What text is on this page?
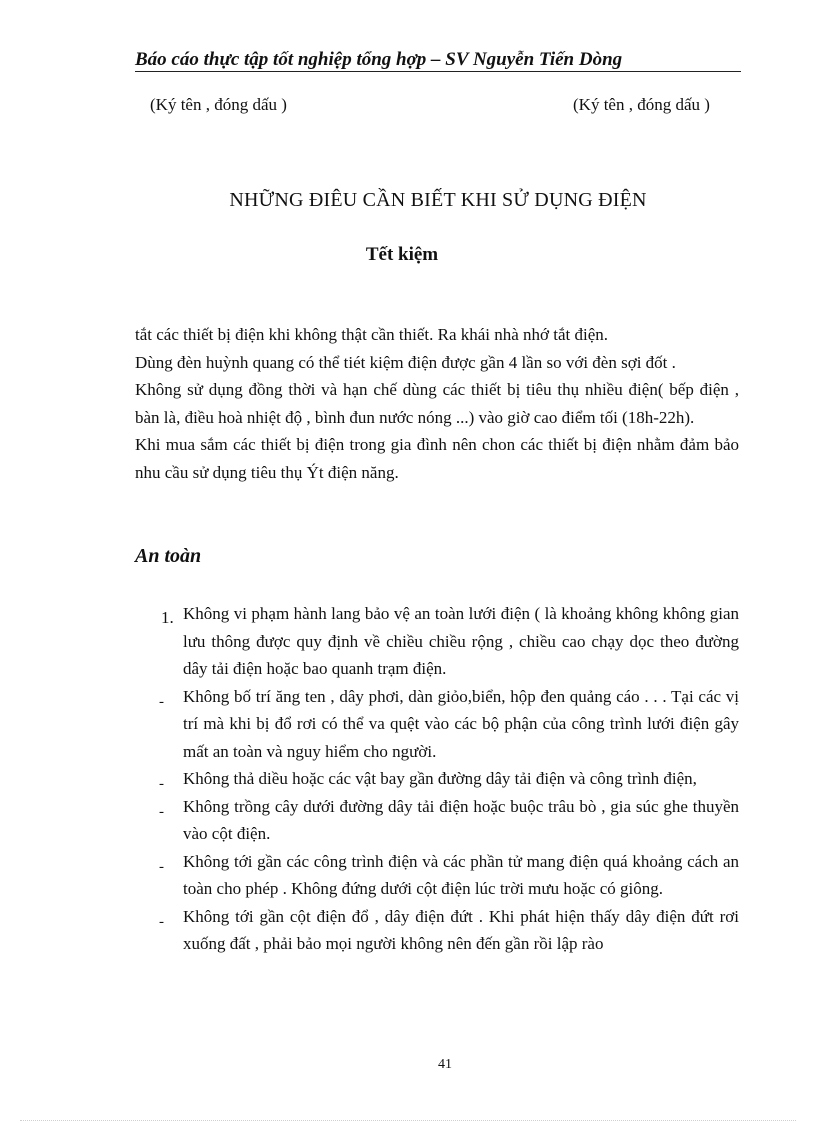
Báo cáo thực tập tốt nghiệp tổng hợp – SV Nguyễn Tiến Dòng
(Ký tên , đóng dấu )	(Ký tên , đóng dấu )
NHỮNG ĐIÊU CẦN BIẾT KHI SỬ DỤNG ĐIỆN
Tết kiệm

tắt các thiết bị điện khi không thật cần thiết. Ra khái nhà nhớ tắt điện.

Dùng đèn huỳnh quang có thể tiét kiệm điện được gần 4 lần so với đèn sợi đốt .

Không sử dụng đồng thời và hạn chế dùng các thiết bị tiêu thụ nhiều điện( bếp điện , bàn là, điều hoà nhiệt độ , bình đun nước nóng ...) vào giờ cao điểm tối (18h-22h).

Khi mua sắm các thiết bị điện trong gia đình nên chon các thiết bị điện nhằm đảm bảo nhu cầu sử dụng tiêu thụ Ýt điện năng.

An toàn
1. Không vi phạm hành lang bảo vệ an toàn lưới điện ( là khoảng không không gian lưu thông được quy định về chiều chiều rộng , chiều cao chạy dọc theo đường dây tải điện hoặc bao quanh trạm điện.
- Không bố trí ăng ten , dây phơi, dàn giỏo,biển, hộp đen quảng cáo . . . Tại các vị trí mà khi bị đổ rơi có thể va quệt vào các bộ phận của công trình lưới điện gây mất an toàn và nguy hiểm cho người.
- Không thả diều hoặc các vật bay gần đường dây tải điện và công trình điện,
- Không trồng cây dưới đường dây tải điện hoặc buộc trâu bò , gia súc ghe thuyền vào cột điện.
- Không tới gần các công trình điện và các phần tử mang điện quá khoảng cách an toàn cho phép . Không đứng dưới cột điện lúc trời mưu hoặc có giông.
- Không tới gần cột điện đổ , dây điện đứt . Khi phát hiện thấy dây điện đứt rơi xuống đất , phải bảo mọi người không nên đến gần rồi lập rào
41
